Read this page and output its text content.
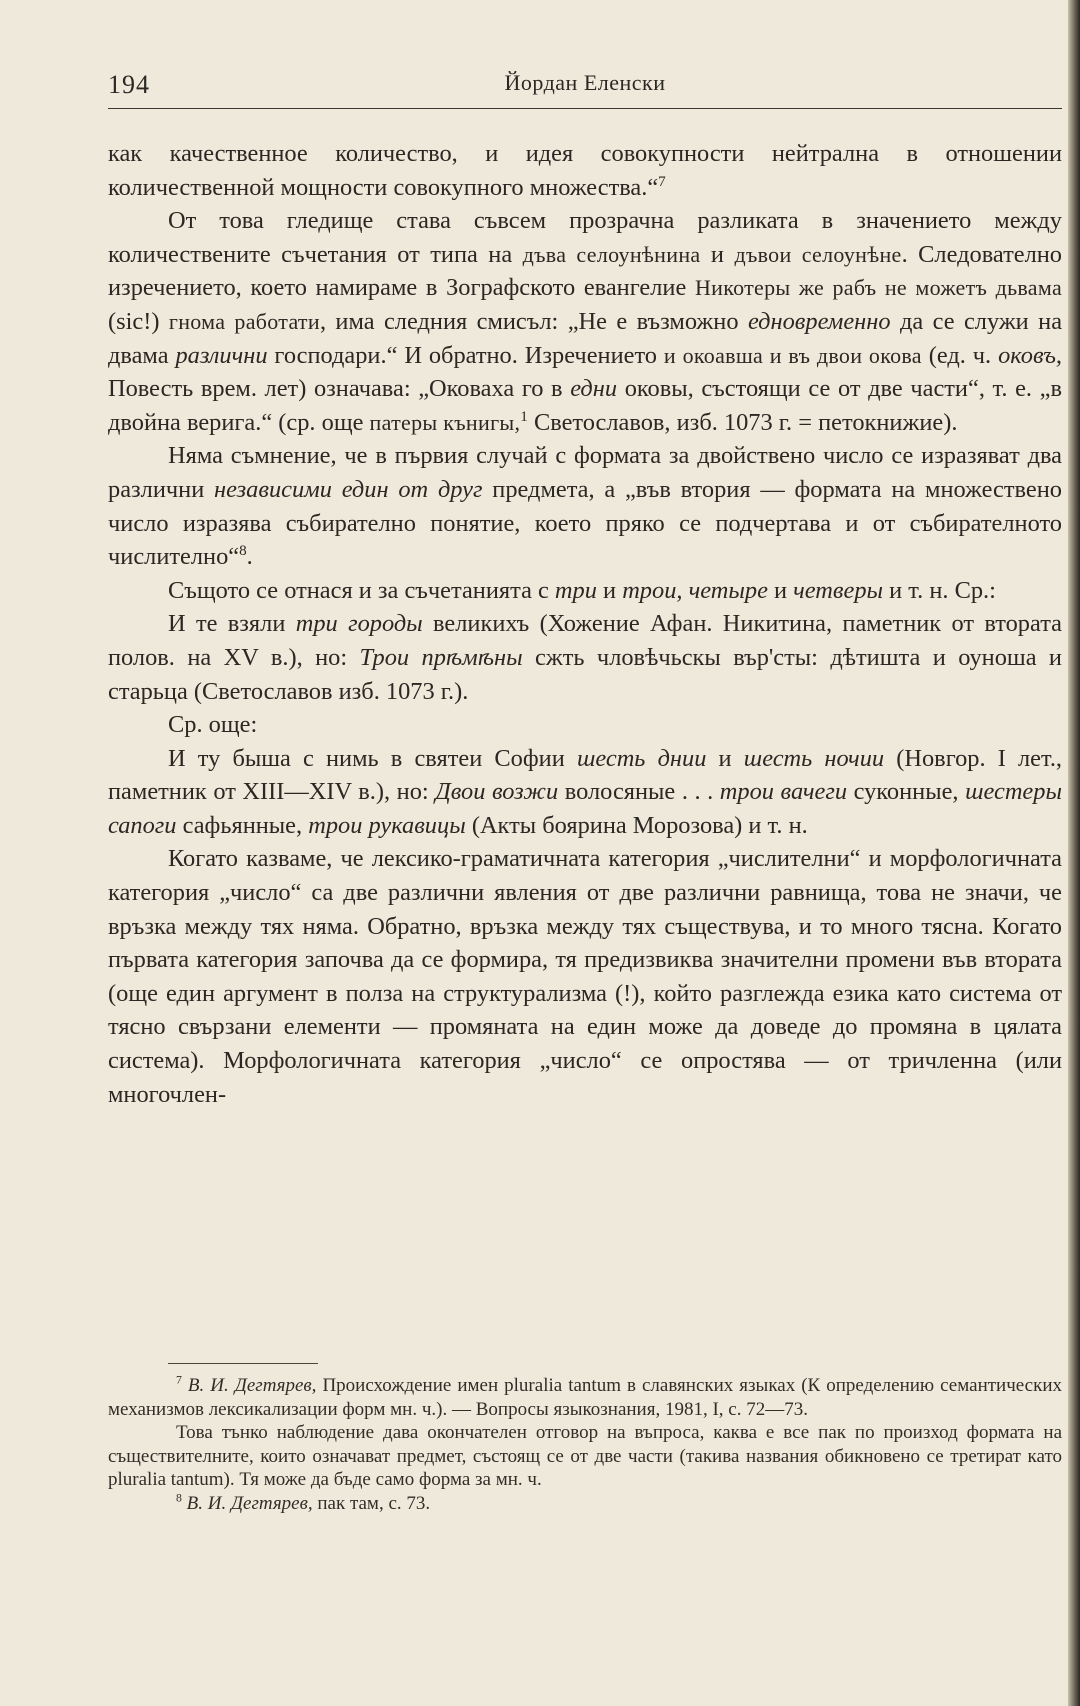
194	Йордан Еленски

как качественное количество, и идея совокупности нейтрална в отношении количественной мощности совокупного множества.“$^7$

От това гледище става съвсем прозрачна разликата в значението между количествените съчетания от типа на дъва селоунѣнина и дъвои селоунѣне. Следователно изречението, което намираме в Зографското евангелие Никотеры же рабъ не можетъ дьвама (sic!) гнома работати, има следния смисъл: „Не е възможно едновременно да се служи на двама различни господари.“ И обратно. Изречението и окоавша и въ двои окова (ед. ч. оковъ, Повесть врем. лет) означава: „Оковаха го в едни оковы, състоящи се от две части“, т. е. „в двойна верига.“ (ср. още патеры кънигы,$^1$ Светославов, изб. 1073 г. = петокнижие).

Няма съмнение, че в първия случай с формата за двойствено число се изразяват два различни независими един от друг предмета, а „във втория — формата на множествено число изразява събирателно понятие, което пряко се подчертава и от събирателното числително“$^8$.

Същото се отнася и за съчетанията с три и трои, четыре и четверы и т. н. Ср.:

И те взяли три городы великихъ (Хожение Афан. Никитина, паметник от втората полов. на XV в.), но: Трои прѣмѣны сжть чловѣчьскы вър'сты: дѣтишта и оуноша и старьца (Светославов изб. 1073 г.).

Ср. още:

И ту быша с нимь в святеи Софии шесть днии и шесть ночии (Новгор. I лет., паметник от XIII—XIV в.), но: Двои возжи волосяные . . . трои вачеги суконные, шестеры сапоги сафьянные, трои рукавицы (Акты боярина Морозова) и т. н.

Когато казваме, че лексико-граматичната категория „числителни“ и морфологичната категория „число“ са две различни явления от две различни равнища, това не значи, че връзка между тях няма. Обратно, връзка между тях съществува, и то много тясна. Когато първата категория започва да се формира, тя предизвиква значителни промени във втората (още един аргумент в полза на структурализма (!), който разглежда езика като система от тясно свързани елементи — промяната на един може да доведе до промяна в цялата система). Морфологичната категория „число“ се опростява — от тричленна (или многочлен-

$^7$ В. И. Дегтярев, Происхождение имен pluralia tantum в славянских языках (К определению семантических механизмов лексикализации форм мн. ч.). — Вопросы языкознания, 1981, I, с. 72—73.

Това тънко наблюдение дава окончателен отговор на въпроса, каква е все пак по произход формата на съществителните, които означават предмет, състоящ се от две части (такива названия обикновено се третират като pluralia tantum). Тя може да бъде само форма за мн. ч.

$^8$ В. И. Дегтярев, пак там, с. 73.
